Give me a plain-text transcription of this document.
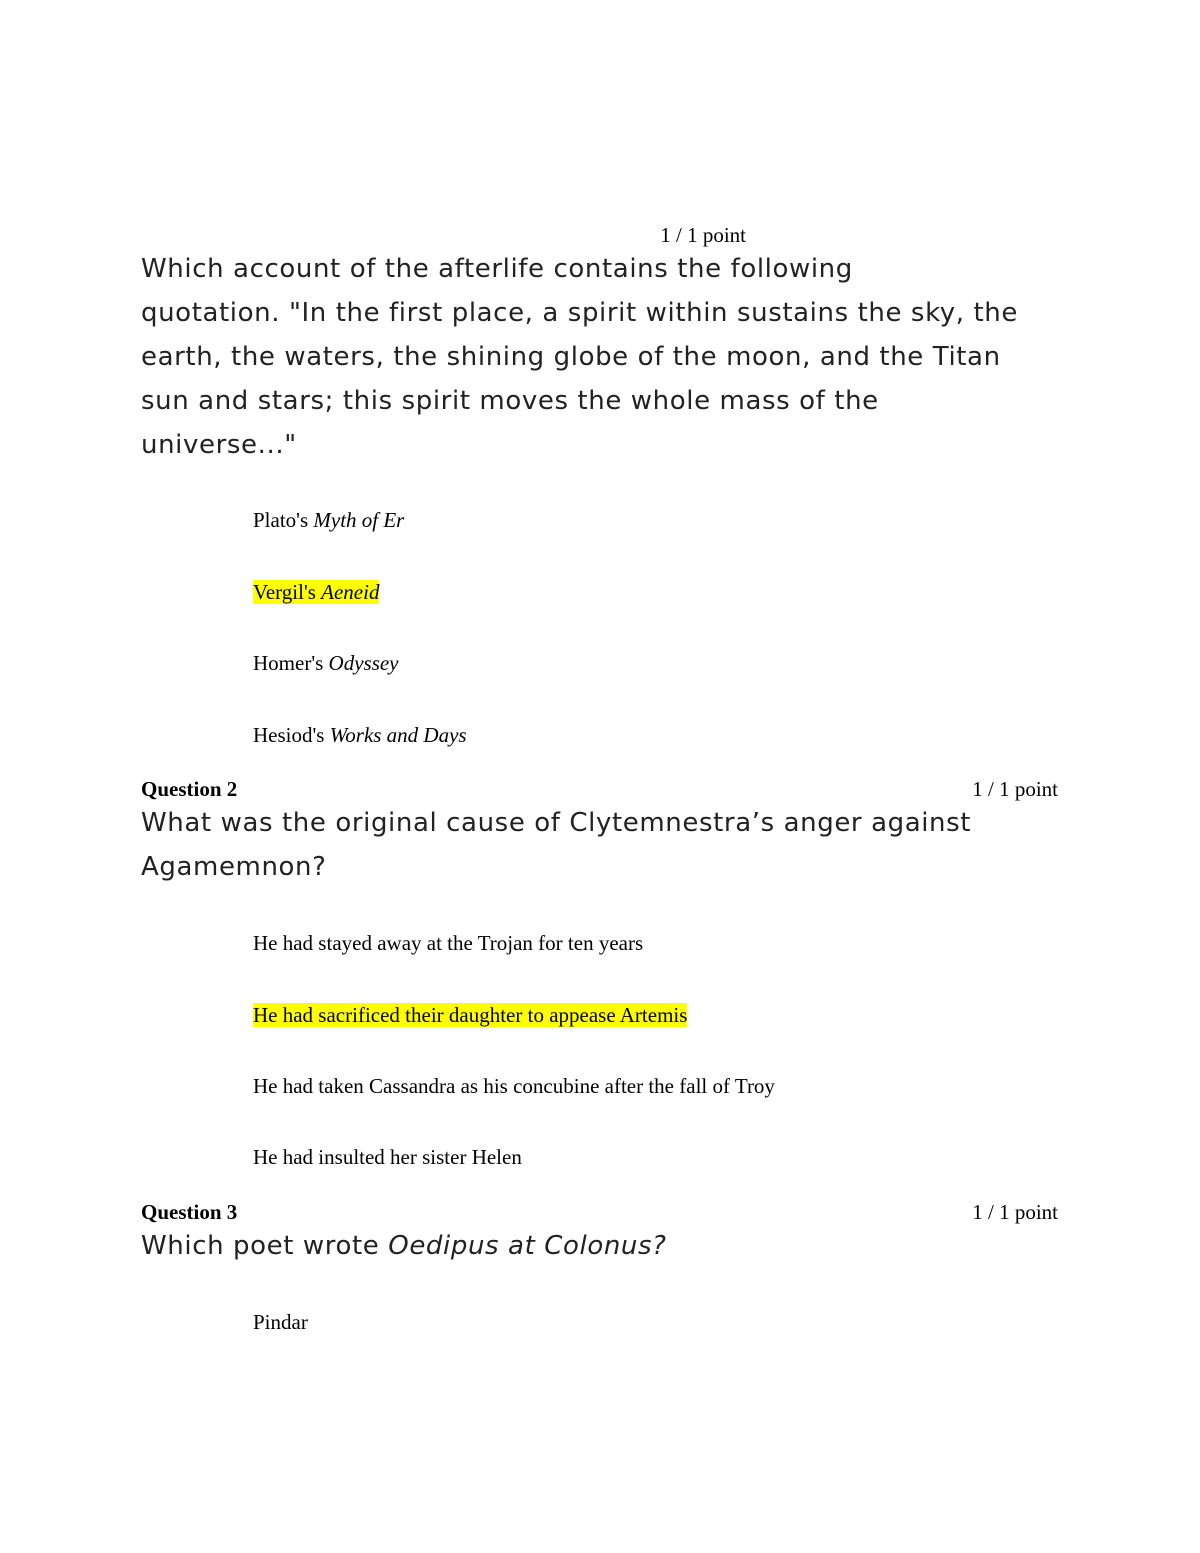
1 / 1 point
Which account of the afterlife contains the following
quotation. "In the first place, a spirit within sustains the sky, the
earth, the waters, the shining globe of the moon, and the Titan
sun and stars; this spirit moves the whole mass of the
universe..."
Plato's Myth of Er
Vergil's Aeneid
Homer's Odyssey
Hesiod's Works and Days
Question 2	1 / 1 point
What was the original cause of Clytemnestra’s anger against
Agamemnon?
He had stayed away at the Trojan for ten years
He had sacrificed their daughter to appease Artemis
He had taken Cassandra as his concubine after the fall of Troy
He had insulted her sister Helen
Question 3	1 / 1 point
Which poet wrote Oedipus at Colonus?
Pindar
